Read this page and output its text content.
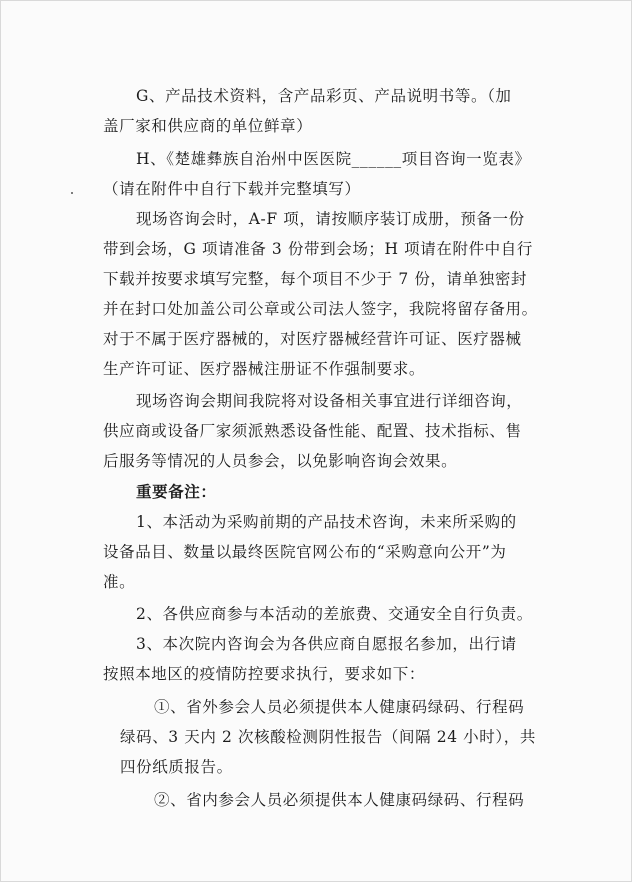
G、产品技术资料，含产品彩页、产品说明书等。（加
盖厂家和供应商的单位鲜章）
H、《楚雄彝族自治州中医医院______项目咨询一览表》
（请在附件中自行下载并完整填写）
现场咨询会时，A-F 项，请按顺序装订成册，预备一份
带到会场，G 项请准备 3 份带到会场；H 项请在附件中自行
下载并按要求填写完整，每个项目不少于 7 份，请单独密封
并在封口处加盖公司公章或公司法人签字，我院将留存备用。
对于不属于医疗器械的，对医疗器械经营许可证、医疗器械
生产许可证、医疗器械注册证不作强制要求。
现场咨询会期间我院将对设备相关事宜进行详细咨询，
供应商或设备厂家须派熟悉设备性能、配置、技术指标、售
后服务等情况的人员参会，以免影响咨询会效果。
重要备注：
1、本活动为采购前期的产品技术咨询，未来所采购的
设备品目、数量以最终医院官网公布的“采购意向公开”为
准。
2、各供应商参与本活动的差旅费、交通安全自行负责。
3、本次院内咨询会为各供应商自愿报名参加，出行请
按照本地区的疫情防控要求执行，要求如下：
①、省外参会人员必须提供本人健康码绿码、行程码
绿码、3 天内 2 次核酸检测阴性报告（间隔 24 小时），共
四份纸质报告。
②、省内参会人员必须提供本人健康码绿码、行程码
